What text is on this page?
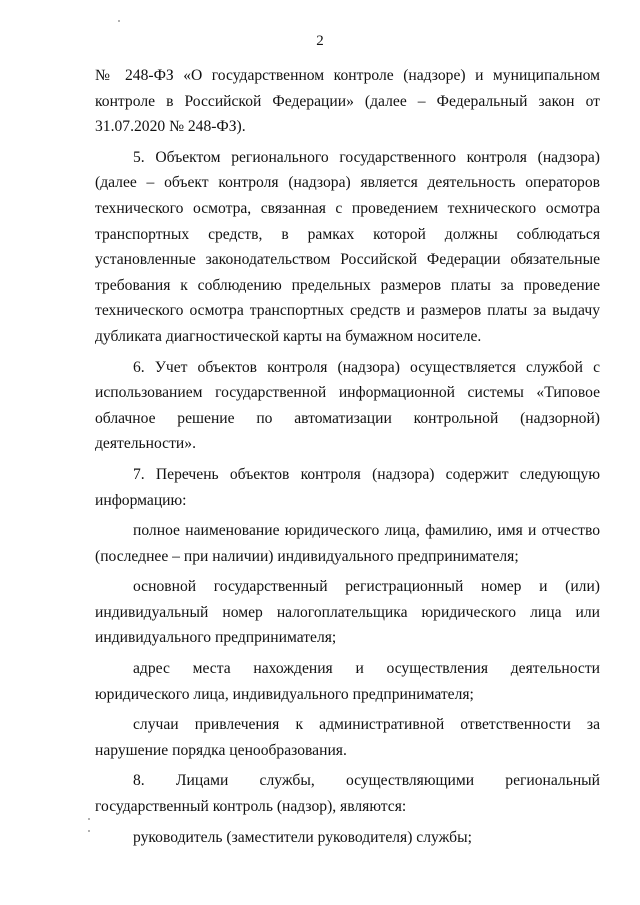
2

№ 248-ФЗ «О государственном контроле (надзоре) и муниципальном контроле в Российской Федерации» (далее – Федеральный закон от 31.07.2020 № 248-ФЗ).

5. Объектом регионального государственного контроля (надзора) (далее – объект контроля (надзора) является деятельность операторов технического осмотра, связанная с проведением технического осмотра транспортных средств, в рамках которой должны соблюдаться установленные законодательством Российской Федерации обязательные требования к соблюдению предельных размеров платы за проведение технического осмотра транспортных средств и размеров платы за выдачу дубликата диагностической карты на бумажном носителе.

6. Учет объектов контроля (надзора) осуществляется службой с использованием государственной информационной системы «Типовое облачное решение по автоматизации контрольной (надзорной) деятельности».

7. Перечень объектов контроля (надзора) содержит следующую информацию:

полное наименование юридического лица, фамилию, имя и отчество (последнее – при наличии) индивидуального предпринимателя;

основной государственный регистрационный номер и (или) индивидуальный номер налогоплательщика юридического лица или индивидуального предпринимателя;

адрес места нахождения и осуществления деятельности юридического лица, индивидуального предпринимателя;

случаи привлечения к административной ответственности за нарушение порядка ценообразования.

8. Лицами службы, осуществляющими региональный государственный контроль (надзор), являются:

руководитель (заместители руководителя) службы;
